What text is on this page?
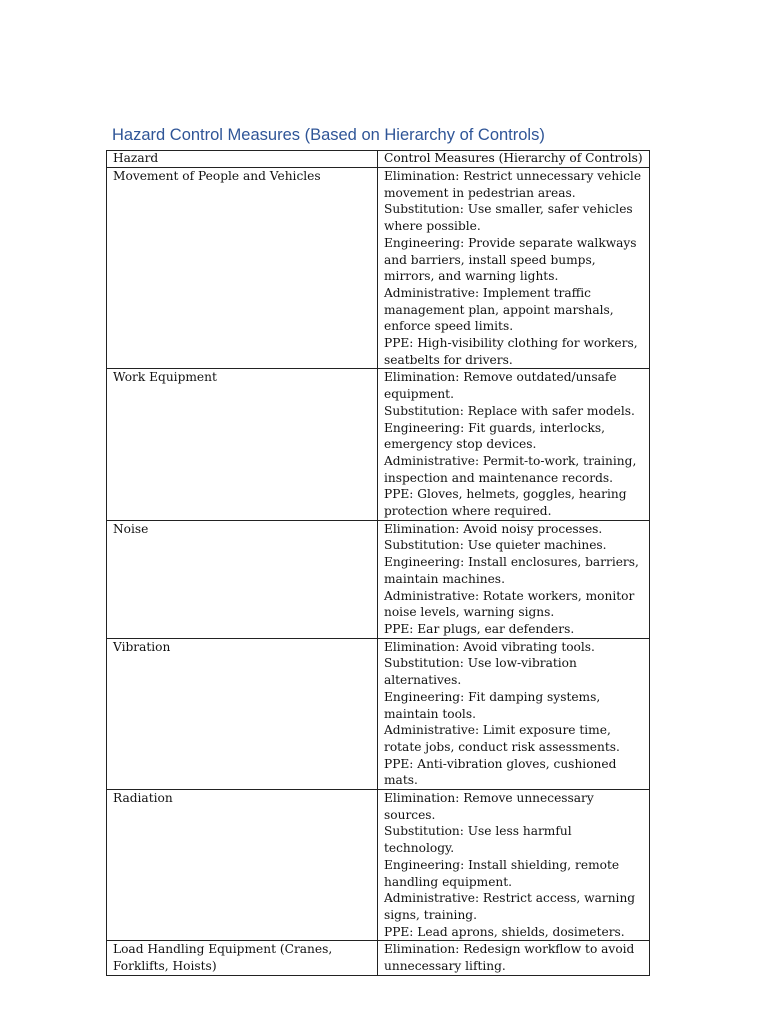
Hazard Control Measures (Based on Hierarchy of Controls)
Hazard	Control Measures (Hierarchy of Controls)
Movement of People and Vehicles	Elimination: Restrict unnecessary vehicle movement in pedestrian areas.
Substitution: Use smaller, safer vehicles where possible.
Engineering: Provide separate walkways and barriers, install speed bumps, mirrors, and warning lights.
Administrative: Implement traffic management plan, appoint marshals, enforce speed limits.
PPE: High-visibility clothing for workers, seatbelts for drivers.

Work Equipment	Elimination: Remove outdated/unsafe equipment.
Substitution: Replace with safer models.
Engineering: Fit guards, interlocks, emergency stop devices.
Administrative: Permit-to-work, training, inspection and maintenance records.
PPE: Gloves, helmets, goggles, hearing protection where required.

Noise	Elimination: Avoid noisy processes.
Substitution: Use quieter machines.
Engineering: Install enclosures, barriers, maintain machines.
Administrative: Rotate workers, monitor noise levels, warning signs.
PPE: Ear plugs, ear defenders.

Vibration	Elimination: Avoid vibrating tools.
Substitution: Use low-vibration alternatives.
Engineering: Fit damping systems, maintain tools.
Administrative: Limit exposure time, rotate jobs, conduct risk assessments.
PPE: Anti-vibration gloves, cushioned mats.

Radiation	Elimination: Remove unnecessary sources.
Substitution: Use less harmful technology.
Engineering: Install shielding, remote handling equipment.
Administrative: Restrict access, warning signs, training.
PPE: Lead aprons, shields, dosimeters.

Load Handling Equipment (Cranes, Forklifts, Hoists)	Elimination: Redesign workflow to avoid unnecessary lifting.
